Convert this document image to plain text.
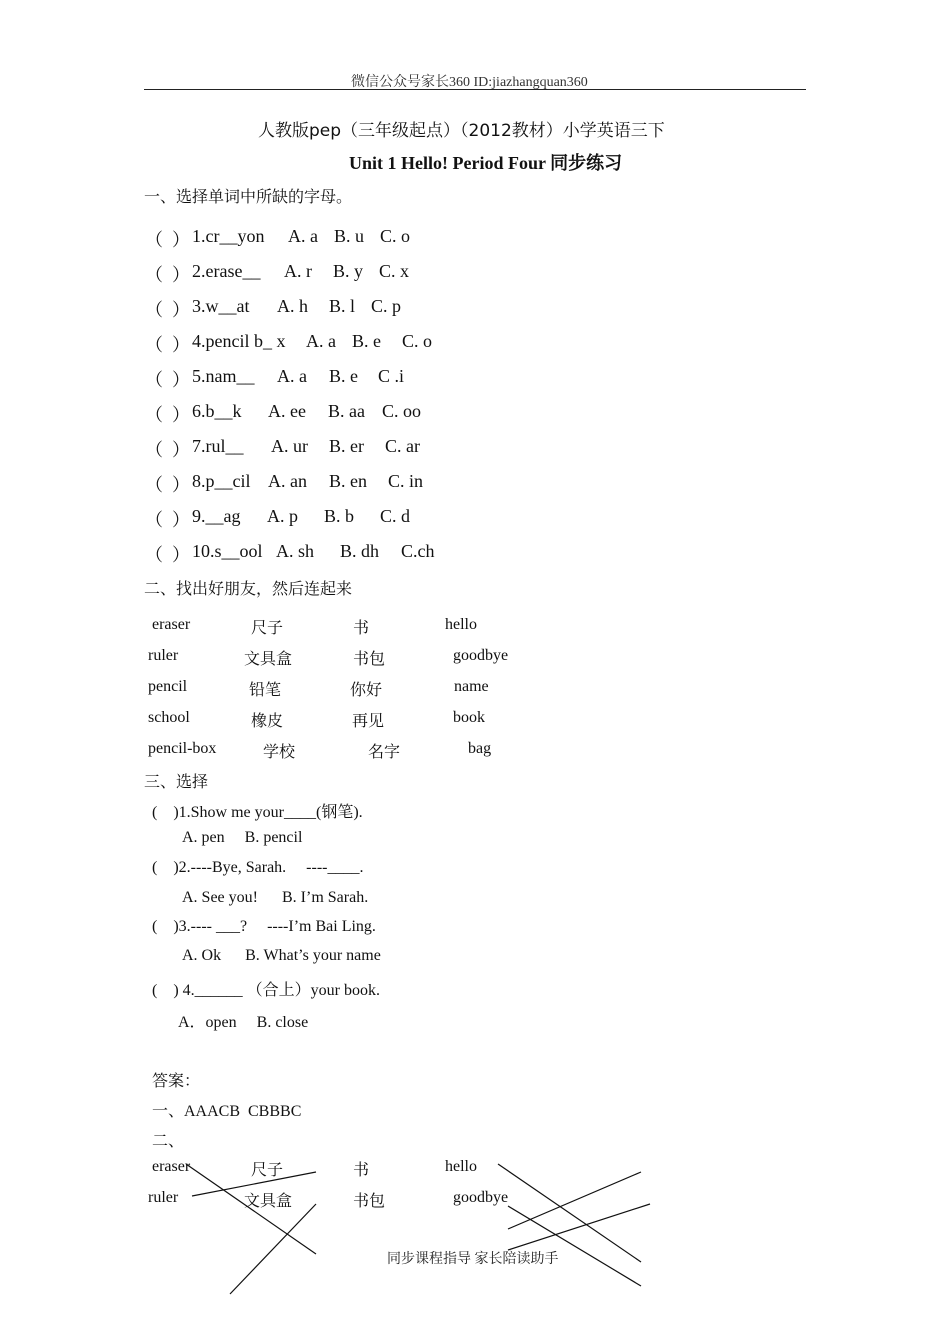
微信公众号家长360 ID:jiazhangquan360
人教版pep（三年级起点）（2012教材）小学英语三下
Unit 1 Hello! Period Four 同步练习
一、选择单词中所缺的字母。
（  ） 1.cr__yon A. a B. u C. o
（  ） 2.erase__ A. r B. y C. x
（  ） 3.w__at A. h B. l C. p
（  ） 4.pencil b_ x A. a B. e C. o
（  ） 5.nam__ A. a B. e C .i
（  ） 6.b__k A. ee B. aa C. oo
（  ） 7.rul__ A. ur B. er C. ar
（  ） 8.p__cil A. an B. en C. in
（  ） 9.__ag A. p B. b C. d
（  ） 10.s__ool A. sh B. dh C.ch
二、找出好朋友，然后连起来
eraser	尺子	书	hello
ruler	文具盒	书包	goodbye
pencil	铅笔	你好	name
school	橡皮	再见	book
pencil-box	学校	名字	bag
三、选择
(    )1.Show me your____(钢笔).
A. pen     B. pencil
(    )2.----Bye, Sarah.     ----____.
A. See you!      B. I’m Sarah.
(    )3.---- ___?     ----I’m Bai Ling.
A. Ok      B. What’s your name
(    ) 4.______ （合上）your book.
A．open     B. close
答案：
一、AAACB  CBBBC
二、
eraser	尺子	书	hello
ruler	文具盒	书包	goodbye
同步课程指导 家长陪读助手
